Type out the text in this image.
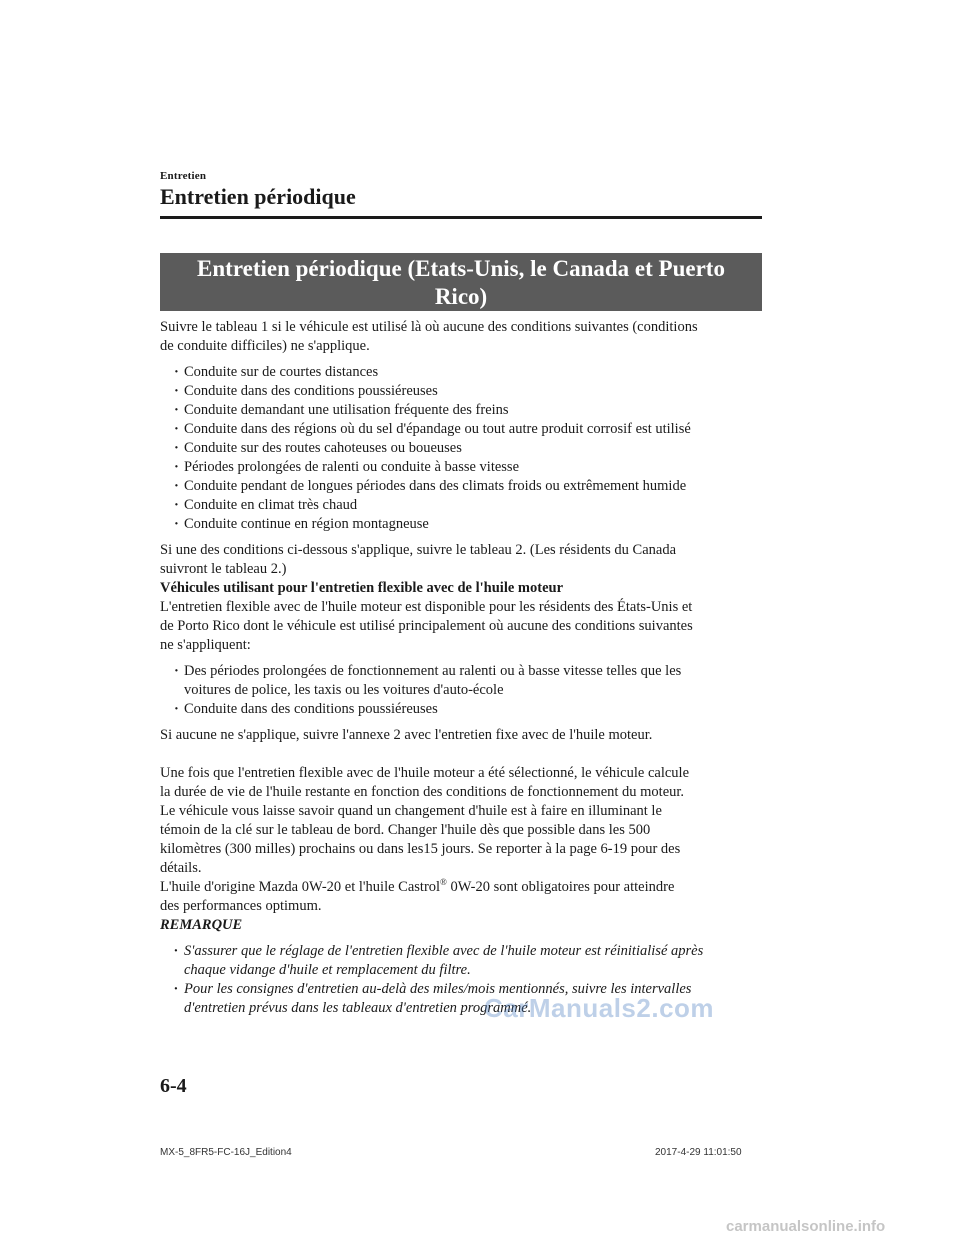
Entretien
Entretien périodique
Entretien périodique (Etats-Unis, le Canada et Puerto
Rico)

Suivre le tableau 1 si le véhicule est utilisé là où aucune des conditions suivantes (conditions
de conduite difficiles) ne s'applique.

· Conduite sur de courtes distances
· Conduite dans des conditions poussiéreuses
· Conduite demandant une utilisation fréquente des freins
· Conduite dans des régions où du sel d'épandage ou tout autre produit corrosif est utilisé
· Conduite sur des routes cahoteuses ou boueuses
· Périodes prolongées de ralenti ou conduite à basse vitesse
· Conduite pendant de longues périodes dans des climats froids ou extrêmement humide
· Conduite en climat très chaud
· Conduite continue en région montagneuse

Si une des conditions ci-dessous s'applique, suivre le tableau 2. (Les résidents du Canada
suivront le tableau 2.)

Véhicules utilisant pour l'entretien flexible avec de l'huile moteur

L'entretien flexible avec de l'huile moteur est disponible pour les résidents des États-Unis et
de Porto Rico dont le véhicule est utilisé principalement où aucune des conditions suivantes
ne s'appliquent:

· Des périodes prolongées de fonctionnement au ralenti ou à basse vitesse telles que les
voitures de police, les taxis ou les voitures d'auto-école
· Conduite dans des conditions poussiéreuses

Si aucune ne s'applique, suivre l'annexe 2 avec l'entretien fixe avec de l'huile moteur.

Une fois que l'entretien flexible avec de l'huile moteur a été sélectionné, le véhicule calcule
la durée de vie de l'huile restante en fonction des conditions de fonctionnement du moteur.
Le véhicule vous laisse savoir quand un changement d'huile est à faire en illuminant le
témoin de la clé sur le tableau de bord. Changer l'huile dès que possible dans les 500
kilomètres (300 milles) prochains ou dans les15 jours. Se reporter à la page 6-19 pour des
détails.

L'huile d'origine Mazda 0W-20 et l'huile Castrol® 0W-20 sont obligatoires pour atteindre
des performances optimum.

REMARQUE

· S'assurer que le réglage de l'entretien flexible avec de l'huile moteur est réinitialisé après
chaque vidange d'huile et remplacement du filtre.
· Pour les consignes d'entretien au-delà des miles/mois mentionnés, suivre les intervalles
d'entretien prévus dans les tableaux d'entretien programmé.
CarManuals2.com
6-4
MX-5_8FR5-FC-16J_Edition4	2017-4-29 11:01:50
carmanualsonline.info
